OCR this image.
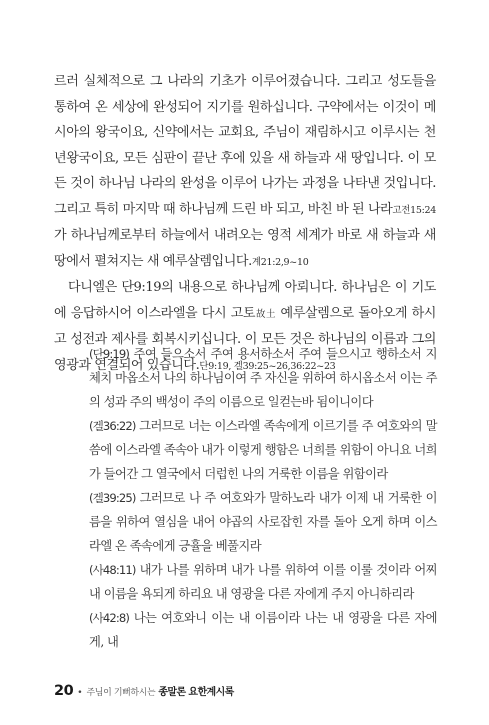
르러 실체적으로 그 나라의 기초가 이루어졌습니다. 그리고 성도들을 통하여 온 세상에 완성되어 지기를 원하십니다. 구약에서는 이것이 메시아의 왕국이요, 신약에서는 교회요, 주님이 재림하시고 이루시는 천년왕국이요, 모든 심판이 끝난 후에 있을 새 하늘과 새 땅입니다. 이 모든 것이 하나님 나라의 완성을 이루어 나가는 과정을 나타낸 것입니다. 그리고 특히 마지막 때 하나님께 드린 바 되고, 바친 바 된 나라고전15:24가 하나님께로부터 하늘에서 내려오는 영적 세계가 바로 새 하늘과 새 땅에서 펼쳐지는 새 예루살렘입니다.계21:2,9~10

다니엘은 단9:19의 내용으로 하나님께 아뢰니다. 하나님은 이 기도에 응답하시어 이스라엘을 다시 고토故土 예루살렘으로 돌아오게 하시고 성전과 제사를 회복시키십니다. 이 모든 것은 하나님의 이름과 그의 영광과 연결되어 있습니다.단9:19, 겔39:25~26,36:22~23

(단9:19) 주여 들으소서 주여 용서하소서 주여 들으시고 행하소서 지체치 마옵소서 나의 하나님이여 주 자신을 위하여 하시옵소서 이는 주의 성과 주의 백성이 주의 이름으로 일컫는바 됨이니이다

(겔36:22) 그러므로 너는 이스라엘 족속에게 이르기를 주 여호와의 말씀에 이스라엘 족속아 내가 이렇게 행함은 너희를 위함이 아니요 너희가 들어간 그 열국에서 더럽힌 나의 거룩한 이름을 위함이라

(겔39:25) 그러므로 나 주 여호와가 말하노라 내가 이제 내 거룩한 이름을 위하여 열심을 내어 야곱의 사로잡힌 자를 돌아 오게 하며 이스라엘 온 족속에게 긍휼을 베풀지라

(사48:11) 내가 나를 위하며 내가 나를 위하여 이를 이룰 것이라 어찌 내 이름을 욕되게 하리요 내 영광을 다른 자에게 주지 아니하리라

(사42:8) 나는 여호와니 이는 내 이름이라 나는 내 영광을 다른 자에게, 내

20 • 주님이 기뻐하시는 종말론 요한계시록
